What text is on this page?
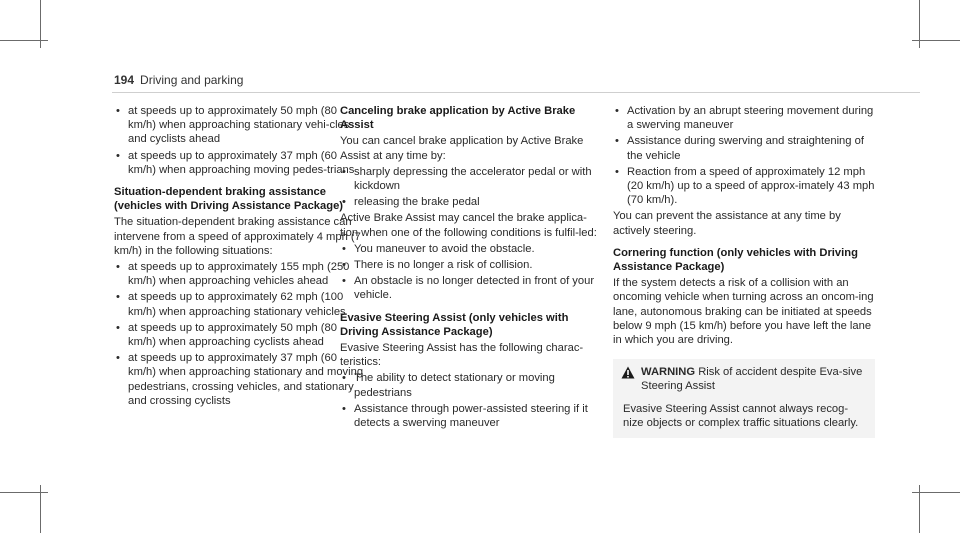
194 Driving and parking
• at speeds up to approximately 50 mph (80 km/h) when approaching stationary vehi-cles and cyclists ahead
• at speeds up to approximately 37 mph (60 km/h) when approaching moving pedes-trians
Situation-dependent braking assistance (vehicles with Driving Assistance Package)
The situation-dependent braking assistance can intervene from a speed of approximately 4 mph (7 km/h) in the following situations:
• at speeds up to approximately 155 mph (250 km/h) when approaching vehicles ahead
• at speeds up to approximately 62 mph (100 km/h) when approaching stationary vehicles
• at speeds up to approximately 50 mph (80 km/h) when approaching cyclists ahead
• at speeds up to approximately 37 mph (60 km/h) when approaching stationary and moving pedestrians, crossing vehicles, and stationary and crossing cyclists
Canceling brake application by Active Brake Assist
You can cancel brake application by Active Brake Assist at any time by:
• sharply depressing the accelerator pedal or with kickdown
• releasing the brake pedal
Active Brake Assist may cancel the brake applica-tion when one of the following conditions is fulfil-led:
• You maneuver to avoid the obstacle.
• There is no longer a risk of collision.
• An obstacle is no longer detected in front of your vehicle.
Evasive Steering Assist (only vehicles with Driving Assistance Package)
Evasive Steering Assist has the following charac-teristics:
• The ability to detect stationary or moving pedestrians
• Assistance through power-assisted steering if it detects a swerving maneuver
• Activation by an abrupt steering movement during a swerving maneuver
• Assistance during swerving and straightening of the vehicle
• Reaction from a speed of approximately 12 mph (20 km/h) up to a speed of approx-imately 43 mph (70 km/h).
You can prevent the assistance at any time by actively steering.
Cornering function (only vehicles with Driving Assistance Package)
If the system detects a risk of a collision with an oncoming vehicle when turning across an oncom-ing lane, autonomous braking can be initiated at speeds below 9 mph (15 km/h) before you have left the lane in which you are driving.
WARNING Risk of accident despite Eva-sive Steering Assist
Evasive Steering Assist cannot always recog-nize objects or complex traffic situations clearly.
